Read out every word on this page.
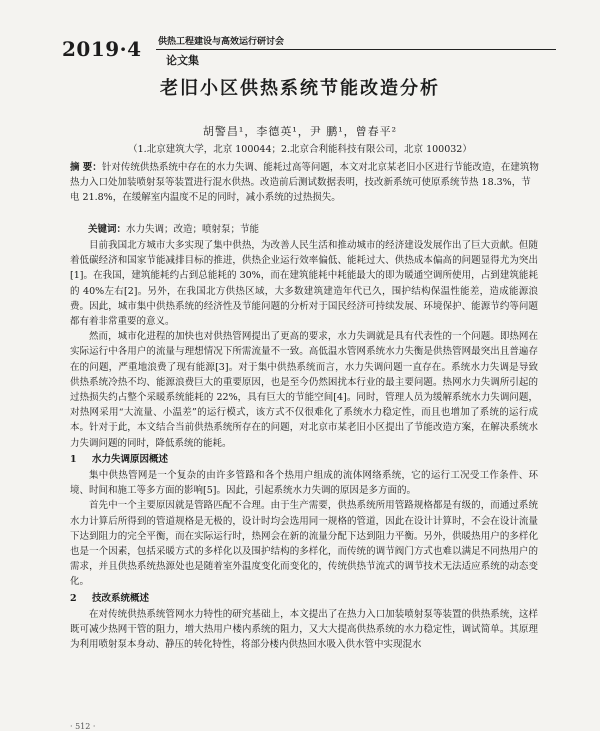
2019·4 供热工程建设与高效运行研讨会
论文集
老旧小区供热系统节能改造分析
胡警昌¹，李德英¹，尹 鹏¹，曾春平²
（1.北京建筑大学，北京 100044；2.北京合利能科技有限公司，北京 100032）
摘 要：针对传统供热系统中存在的水力失调、能耗过高等问题，本文对北京某老旧小区进行节能改造，在建筑物热力入口处加装喷射泵等装置进行混水供热。改造前后测试数据表明，技改新系统可使原系统节热 18.3%，节电 21.8%，在缓解室内温度不足的同时，减小系统的过热损失。
关键词：水力失调；改造；喷射泵；节能

目前我国北方城市大多实现了集中供热，为改善人民生活和推动城市的经济建设发展作出了巨大贡献。但随着低碳经济和国家节能减排目标的推进，供热企业运行效率偏低、能耗过大、供热成本偏高的问题显得尤为突出[1]。在我国，建筑能耗约占到总能耗的 30%，而在建筑能耗中耗能最大的即为暖通空调所使用，占到建筑能耗的 40%左右[2]。另外，在我国北方供热区域，大多数建筑建造年代已久，围护结构保温性能差，造成能源浪费。因此，城市集中供热系统的经济性及节能问题的分析对于国民经济可持续发展、环境保护、能源节约等问题都有着非常重要的意义。

然而，城市化进程的加快也对供热管网提出了更高的要求，水力失调就是具有代表性的一个问题。即热网在实际运行中各用户的流量与理想情况下所需流量不一致。高低温水管网系统水力失衡是供热管网最突出且普遍存在的问题，严重地浪费了现有能源[3]。对于集中供热系统而言，水力失调问题一直存在。系统水力失调是导致供热系统冷热不均、能源浪费巨大的重要原因，也是至今仍然困扰本行业的最主要问题。热网水力失调所引起的过热损失约占整个采暖系统能耗的 22%，具有巨大的节能空间[4]。同时，管理人员为缓解系统水力失调问题，对热网采用“大流量、小温差”的运行模式，该方式不仅很难化了系统水力稳定性，而且也增加了系统的运行成本。针对于此，本文结合当前供热系统所存在的问题，对北京市某老旧小区提出了节能改造方案，在解决系统水力失调问题的同时，降低系统的能耗。

1 水力失调原因概述

集中供热管网是一个复杂的由许多管路和各个热用户组成的流体网络系统，它的运行工况受工作条件、环境、时间和施工等多方面的影响[5]。因此，引起系统水力失调的原因是多方面的。

首先中一个主要原因就是管路匹配不合理。由于生产需要，供热系统所用管路规格都是有级的，而通过系统水力计算后所得到的管道规格是无极的，设计时均会选用同一规格的管道，因此在设计计算时，不会在设计流量下达到阻力的完全平衡，而在实际运行时，热网会在新的流量分配下达到阻力平衡。另外，供暖热用户的多样化也是一个因素，包括采暖方式的多样化以及围护结构的多样化，而传统的调节阀门方式也难以满足不同热用户的需求，并且供热系统热源处也是随着室外温度变化而变化的，传统供热节流式的调节技术无法适应系统的动态变化。

2 技改系统概述

在对传统供热系统管网水力特性的研究基础上，本文提出了在热力入口加装喷射泵等装置的供热系统，这样既可减少热网干管的阻力，增大热用户楼内系统的阻力，又大大提高供热系统的水力稳定性，调试简单。其原理为利用喷射泵本身动、静压的转化特性，将部分楼内供热回水吸入供水管中实现混水

· 512 ·
